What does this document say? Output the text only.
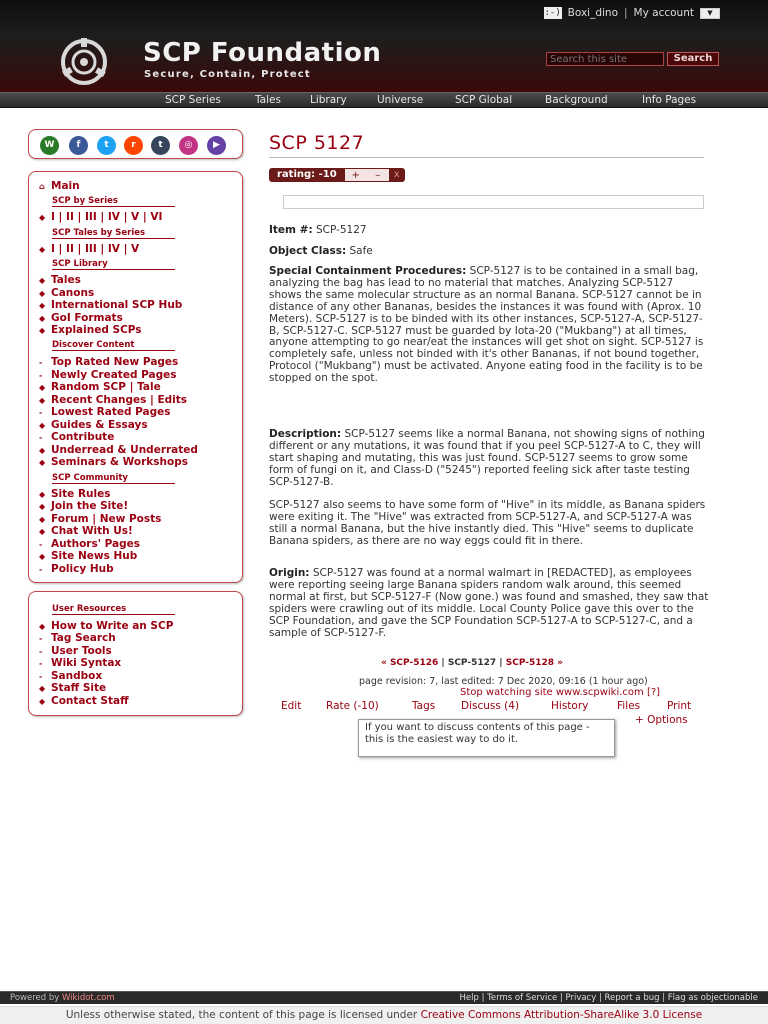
:-) Boxi_dino | My account	▼
SCP Foundation
Secure, Contain, Protect
Search this site
Search
SCP Series	Tales	Library	Universe	SCP Global	Background	Info Pages
W	f	t	r	t	◎	▶
⌂ Main
SCP by Series
◆ I | II | III | IV | V | VI
SCP Tales by Series
◆ I | II | III | IV | V
SCP Library
◆ Tales
◆ Canons
◆ International SCP Hub
◆ GoI Formats
◆ Explained SCPs
Discover Content
- Top Rated New Pages
- Newly Created Pages
◆ Random SCP | Tale
◆ Recent Changes | Edits
- Lowest Rated Pages
◆ Guides & Essays
- Contribute
◆ Underread & Underrated
◆ Seminars & Workshops
SCP Community
◆ Site Rules
◆ Join the Site!
◆ Forum | New Posts
◆ Chat With Us!
- Authors' Pages
◆ Site News Hub
- Policy Hub
User Resources
◆ How to Write an SCP
- Tag Search
- User Tools
- Wiki Syntax
- Sandbox
◆ Staff Site
◆ Contact Staff
SCP 5127
rating: -10	+	–	x
Item #: SCP-5127
Object Class: Safe
Special Containment Procedures: SCP-5127 is to be contained in a small bag, analyzing the bag has lead to no material that matches. Analyzing SCP-5127 shows the same molecular structure as an normal Banana. SCP-5127 cannot be in distance of any other Bananas, besides the instances it was found with (Aprox. 10 Meters). SCP-5127 is to be binded with its other instances, SCP-5127-A, SCP-5127-B, SCP-5127-C. SCP-5127 must be guarded by Iota-20 ("Mukbang") at all times, anyone attempting to go near/eat the instances will get shot on sight. SCP-5127 is completely safe, unless not binded with it's other Bananas, if not bound together, Protocol ("Mukbang") must be activated. Anyone eating food in the facility is to be stopped on the spot.
Description: SCP-5127 seems like a normal Banana, not showing signs of nothing different or any mutations, it was found that if you peel SCP-5127-A to C, they will start shaping and mutating, this was just found. SCP-5127 seems to grow some form of fungi on it, and Class-D ("5245") reported feeling sick after taste testing SCP-5127-B.
SCP-5127 also seems to have some form of "Hive" in its middle, as Banana spiders were exiting it. The "Hive" was extracted from SCP-5127-A, and SCP-5127-A was still a normal Banana, but the hive instantly died. This "Hive" seems to duplicate Banana spiders, as there are no way eggs could fit in there.
Origin: SCP-5127 was found at a normal walmart in [REDACTED], as employees were reporting seeing large Banana spiders random walk around, this seemed normal at first, but SCP-5127-F (Now gone.) was found and smashed, they saw that spiders were crawling out of its middle. Local County Police gave this over to the SCP Foundation, and gave the SCP Foundation SCP-5127-A to SCP-5127-C, and a sample of SCP-5127-F.
« SCP-5126 | SCP-5127 | SCP-5128 »
page revision: 7, last edited: 7 Dec 2020, 09:16 (1 hour ago)
Stop watching site www.scpwiki.com [?]
Edit Rate (-10)	Tags Discuss (4)	History	Files	Print
+ Options
If you want to discuss contents of this page - this is the easiest way to do it.
Powered by Wikidot.com	Help | Terms of Service | Privacy | Report a bug | Flag as objectionable
Unless otherwise stated, the content of this page is licensed under Creative Commons Attribution-ShareAlike 3.0 License
